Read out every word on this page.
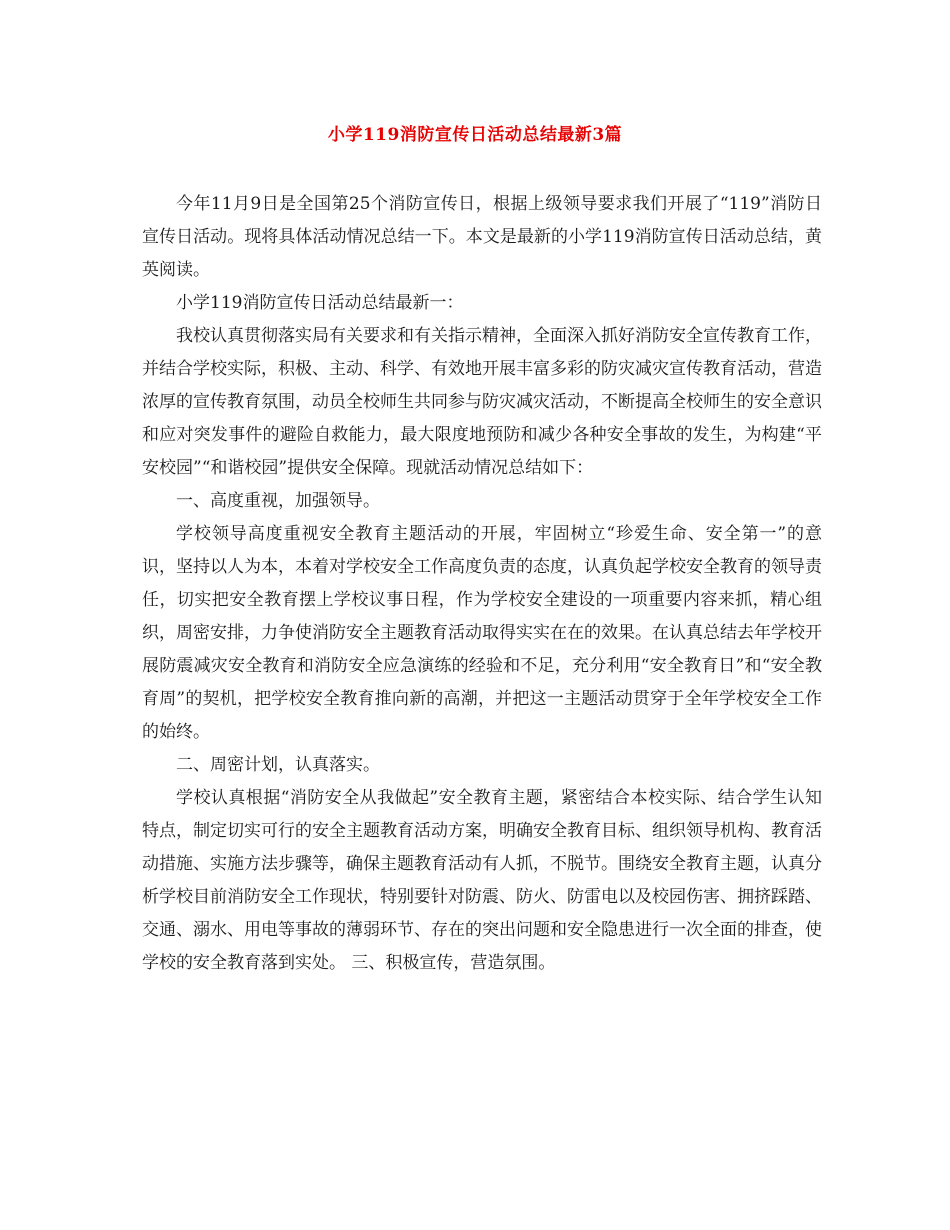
小学119消防宣传日活动总结最新3篇

今年11月9日是全国第25个消防宣传日，根据上级领导要求我们开展了“119”消防日宣传日活动。现将具体活动情况总结一下。本文是最新的小学119消防宣传日活动总结，黄英阅读。

小学119消防宣传日活动总结最新一：

我校认真贯彻落实局有关要求和有关指示精神，全面深入抓好消防安全宣传教育工作，并结合学校实际，积极、主动、科学、有效地开展丰富多彩的防灾减灾宣传教育活动，营造浓厚的宣传教育氛围，动员全校师生共同参与防灾减灾活动，不断提高全校师生的安全意识和应对突发事件的避险自救能力，最大限度地预防和减少各种安全事故的发生，为构建“平安校园”“和谐校园”提供安全保障。现就活动情况总结如下：

一、高度重视，加强领导。

学校领导高度重视安全教育主题活动的开展，牢固树立“珍爱生命、安全第一”的意识，坚持以人为本，本着对学校安全工作高度负责的态度，认真负起学校安全教育的领导责任，切实把安全教育摆上学校议事日程，作为学校安全建设的一项重要内容来抓，精心组织，周密安排，力争使消防安全主题教育活动取得实实在在的效果。在认真总结去年学校开展防震减灾安全教育和消防安全应急演练的经验和不足，充分利用“安全教育日”和“安全教育周”的契机，把学校安全教育推向新的高潮，并把这一主题活动贯穿于全年学校安全工作的始终。

二、周密计划，认真落实。

学校认真根据“消防安全从我做起”安全教育主题，紧密结合本校实际、结合学生认知特点，制定切实可行的安全主题教育活动方案，明确安全教育目标、组织领导机构、教育活动措施、实施方法步骤等，确保主题教育活动有人抓，不脱节。围绕安全教育主题，认真分析学校目前消防安全工作现状，特别要针对防震、防火、防雷电以及校园伤害、拥挤踩踏、交通、溺水、用电等事故的薄弱环节、存在的突出问题和安全隐患进行一次全面的排查，使学校的安全教育落到实处。 三、积极宣传，营造氛围。
